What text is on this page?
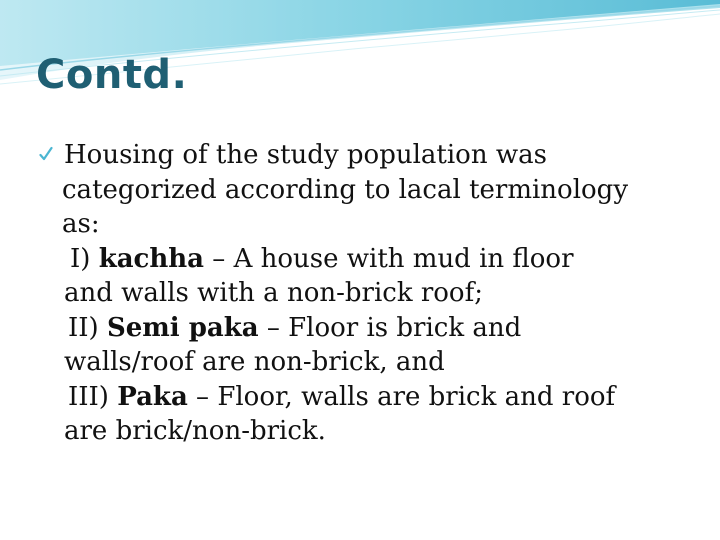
Contd.
Housing of the study population was
categorized according to lacal terminology
as:
I) kachha – A house with mud in floor
and walls with a non-brick roof;
II) Semi paka – Floor is brick and
walls/roof are non-brick, and
III) Paka – Floor, walls are brick and roof
are brick/non-brick.
